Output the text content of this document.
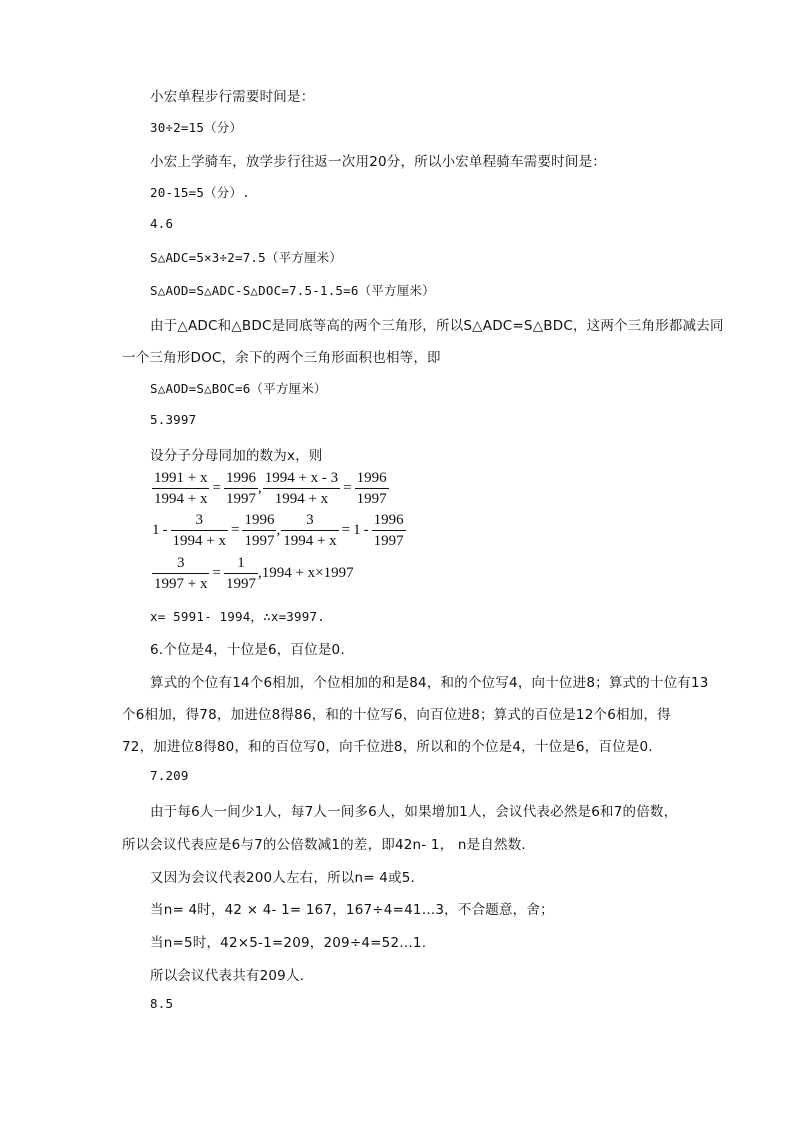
小宏单程步行需要时间是：
30÷2=15（分）
小宏上学骑车，放学步行往返一次用20分，所以小宏单程骑车需要时间是：
20-15=5（分）.
4.6
S△ADC=5×3÷2=7.5（平方厘米）
S△AOD=S△ADC-S△DOC=7.5-1.5=6（平方厘米）
由于△ADC和△BDC是同底等高的两个三角形，所以S△ADC=S△BDC，这两个三角形都减去同
一个三角形DOC，余下的两个三角形面积也相等，即
S△AOD=S△BOC=6（平方厘米）
5.3997
设分子分母同加的数为x，则
$\frac{1991 + x}{1994 + x} = \frac{1996}{1997}$ , $\frac{1994 + x - 3}{1994 + x} = \frac{1996}{1997}$
$1 - \frac{3}{1994 + x} = \frac{1996}{1997}$ , $\frac{3}{1994 + x} = 1 - \frac{1996}{1997}$
$\frac{3}{1997 + x} = \frac{1}{1997} ,1994 + x\times 1997$
x= 5991- 1994，∴x=3997.
6.个位是4，十位是6，百位是0.
算式的个位有14个6相加，个位相加的和是84，和的个位写4，向十位进8；算式的十位有13
个6相加，得78，加进位8得86，和的十位写6，向百位进8；算式的百位是12个6相加，得
72，加进位8得80，和的百位写0，向千位进8，所以和的个位是4，十位是6，百位是0.
7.209
由于每6人一间少1人，每7人一间多6人，如果增加1人，会议代表必然是6和7的倍数，
所以会议代表应是6与7的公倍数减1的差，即42n- 1， n是自然数.
又因为会议代表200人左右，所以n= 4或5.
当n= 4时，42 × 4- 1= 167，167÷4=41…3，不合题意，舍；
当n=5时，42×5-1=209，209÷4=52…1.
所以会议代表共有209人.
8.5
